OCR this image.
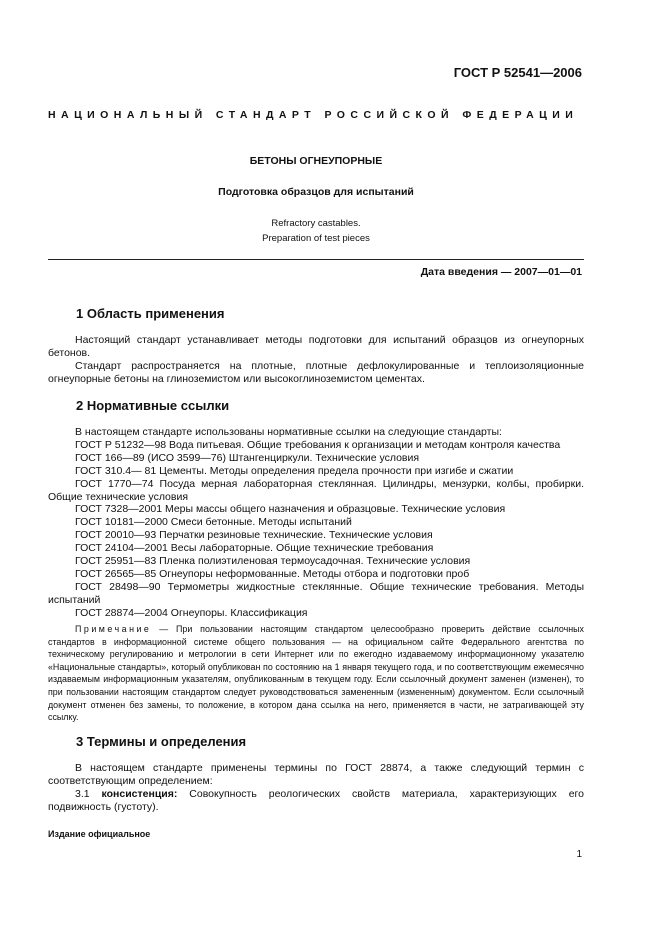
ГОСТ Р 52541—2006
НАЦИОНАЛЬНЫЙ СТАНДАРТ РОССИЙСКОЙ ФЕДЕРАЦИИ
БЕТОНЫ ОГНЕУПОРНЫЕ
Подготовка образцов для испытаний
Refractory castables.
Preparation of test pieces
Дата введения — 2007—01—01
1 Область применения

Настоящий стандарт устанавливает методы подготовки для испытаний образцов из огнеупорных бетонов.

Стандарт распространяется на плотные, плотные дефлокулированные и теплоизоляционные огнеупорные бетоны на глиноземистом или высокоглиноземистом цементах.

2 Нормативные ссылки

В настоящем стандарте использованы нормативные ссылки на следующие стандарты:

ГОСТ Р 51232—98 Вода питьевая. Общие требования к организации и методам контроля качества

ГОСТ 166—89 (ИСО 3599—76) Штангенциркули. Технические условия

ГОСТ 310.4— 81 Цементы. Методы определения предела прочности при изгибе и сжатии

ГОСТ 1770—74 Посуда мерная лабораторная стеклянная. Цилиндры, мензурки, колбы, пробирки. Общие технические условия

ГОСТ 7328—2001 Меры массы общего назначения и образцовые. Технические условия

ГОСТ 10181—2000 Смеси бетонные. Методы испытаний

ГОСТ 20010—93 Перчатки резиновые технические. Технические условия

ГОСТ 24104—2001 Весы лабораторные. Общие технические требования

ГОСТ 25951—83 Пленка полиэтиленовая термоусадочная. Технические условия

ГОСТ 26565—85 Огнеупоры неформованные. Методы отбора и подготовки проб

ГОСТ 28498—90 Термометры жидкостные стеклянные. Общие технические требования. Методы испытаний

ГОСТ 28874—2004 Огнеупоры. Классификация

Примечание — При пользовании настоящим стандартом целесообразно проверить действие ссылочных стандартов в информационной системе общего пользования — на официальном сайте Федерального агентства по техническому регулированию и метрологии в сети Интернет или по ежегодно издаваемому информационному указателю «Национальные стандарты», который опубликован по состоянию на 1 января текущего года, и по соответствующим ежемесячно издаваемым информационным указателям, опубликованным в текущем году. Если ссылочный документ заменен (изменен), то при пользовании настоящим стандартом следует руководствоваться замененным (измененным) документом. Если ссылочный документ отменен без замены, то положение, в котором дана ссылка на него, применяется в части, не затрагивающей эту ссылку.

3 Термины и определения

В настоящем стандарте применены термины по ГОСТ 28874, а также следующий термин с соответствующим определением:

3.1 консистенция: Совокупность реологических свойств материала, характеризующих его подвижность (густоту).

Издание официальное
1
